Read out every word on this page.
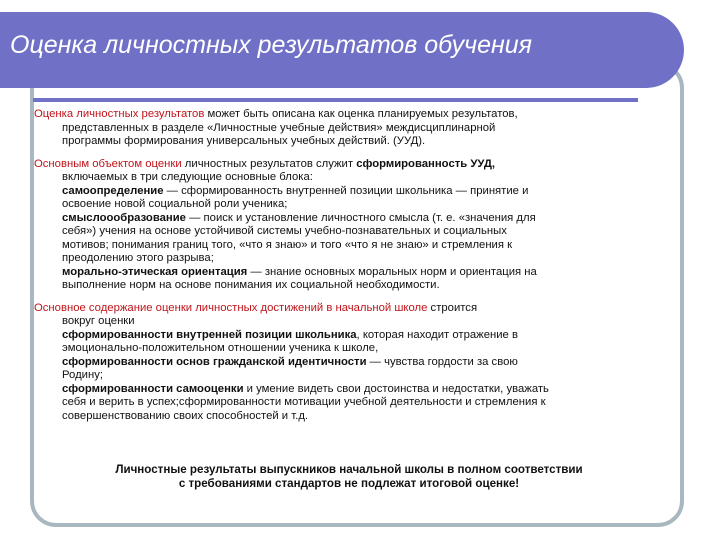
Оценка личностных результатов обучения
Оценка личностных результатов может быть описана как оценка планируемых результатов,
представленных в разделе «Личностные учебные действия» междисциплинарной
программы формирования универсальных учебных действий. (УУД).
Основным объектом оценки личностных результатов служит сформированность УУД,
включаемых в три следующие основные блока:
самоопределение — сформированность внутренней позиции школьника — принятие и
освоение новой социальной роли ученика;
смыслоообразование — поиск и установление личностного смысла (т. е. «значения для
себя») учения на основе устойчивой системы учебно-познавательных и социальных
мотивов; понимания границ того, «что я знаю» и того «что я не знаю» и стремления к
преодолению этого разрыва;
морально-этическая ориентация — знание основных моральных норм и ориентация на
выполнение норм на основе понимания их социальной необходимости.
Основное содержание оценки личностных достижений в начальной школе строится
вокруг оценки
сформированности внутренней позиции школьника, которая находит отражение в
эмоционально-положительном отношении ученика к школе,
сформированности основ гражданской идентичности — чувства гордости за свою
Родину;
сформированности самооценки и умение видеть свои достоинства и недостатки, уважать
себя и верить в успех;сформированности мотивации учебной деятельности и стремления к
совершенствованию своих способностей и т.д.
Личностные результаты выпускников начальной школы в полном соответствии
с требованиями стандартов не подлежат итоговой оценке!
